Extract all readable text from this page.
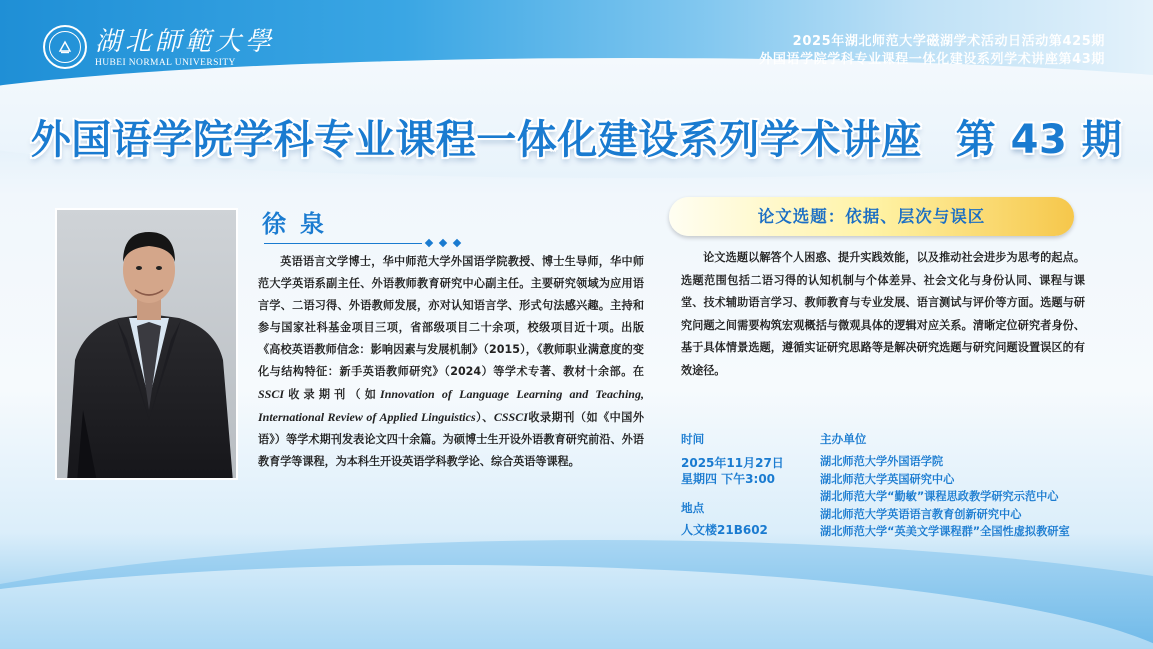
湖北師範大學
HUBEI NORMAL UNIVERSITY
2025年湖北师范大学磁湖学术活动日活动第425期
外国语学院学科专业课程一体化建设系列学术讲座第43期
外国语学院学科专业课程一体化建设系列学术讲座 第 43 期
徐泉
英语语言文学博士，华中师范大学外国语学院教授、博士生导师，华中师范大学英语系副主任、外语教师教育研究中心副主任。主要研究领域为应用语言学、二语习得、外语教师发展，亦对认知语言学、形式句法感兴趣。主持和参与国家社科基金项目三项，省部级项目二十余项，校级项目近十项。出版《高校英语教师信念：影响因素与发展机制》（2015），《教师职业满意度的变化与结构特征：新手英语教师研究》（2024）等学术专著、教材十余部。在SSCI收录期刊（如Innovation of Language Learning and Teaching, International Review of Applied Linguistics）、CSSCI收录期刊（如《中国外语》）等学术期刊发表论文四十余篇。为硕博士生开设外语教育研究前沿、外语教育学等课程，为本科生开设英语学科教学论、综合英语等课程。
论文选题：依据、层次与误区
论文选题以解答个人困惑、提升实践效能，以及推动社会进步为思考的起点。选题范围包括二语习得的认知机制与个体差异、社会文化与身份认同、课程与课堂、技术辅助语言学习、教师教育与专业发展、语言测试与评价等方面。选题与研究问题之间需要构筑宏观概括与微观具体的逻辑对应关系。清晰定位研究者身份、基于具体情景选题，遵循实证研究思路等是解决研究选题与研究问题设置误区的有效途径。
时间
2025年11月27日
星期四 下午3:00
地点
人文楼21B602
主办单位
湖北师范大学外国语学院
湖北师范大学英国研究中心
湖北师范大学“勤敏”课程思政教学研究示范中心
湖北师范大学英语语言教育创新研究中心
湖北师范大学“英美文学课程群”全国性虚拟教研室
